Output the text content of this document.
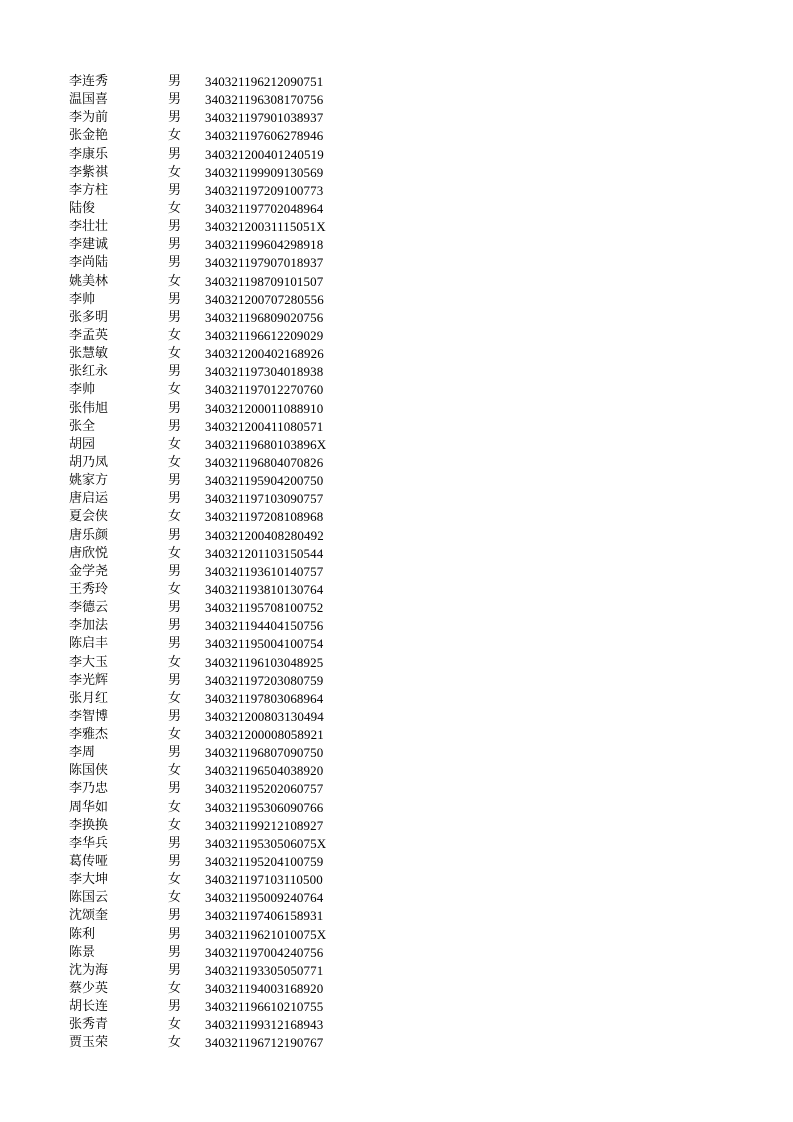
李连秀	男 340321196212090751
温国喜	男 340321196308170756
李为前	男 340321197901038937
张金艳	女 340321197606278946
李康乐	男 340321200401240519
李紫祺	女 340321199909130569
李方柱	男 340321197209100773
陆俊	女 340321197702048964
李壮壮	男 34032120031115051X
李建诚	男 340321199604298918
李尚陆	男 340321197907018937
姚美林	女 340321198709101507
李帅	男 340321200707280556
张多明	男 340321196809020756
李孟英	女 340321196612209029
张慧敏	女 340321200402168926
张红永	男 340321197304018938
李帅	女 340321197012270760
张伟旭	男 340321200011088910
张全	男 340321200411080571
胡园	女 34032119680103896X
胡乃凤	女 340321196804070826
姚家方	男 340321195904200750
唐启运	男 340321197103090757
夏会侠	女 340321197208108968
唐乐颜	男 340321200408280492
唐欣悦	女 340321201103150544
金学尧	男 340321193610140757
王秀玲	女 340321193810130764
李德云	男 340321195708100752
李加法	男 340321194404150756
陈启丰	男 340321195004100754
李大玉	女 340321196103048925
李光辉	男 340321197203080759
张月红	女 340321197803068964
李智博	男 340321200803130494
李雅杰	女 340321200008058921
李周	男 340321196807090750
陈国侠	女 340321196504038920
李乃忠	男 340321195202060757
周华如	女 340321195306090766
李换换	女 340321199212108927
李华兵	男 34032119530506075X
葛传哑	男 340321195204100759
李大坤	女 340321197103110500
陈国云	女 340321195009240764
沈颂奎	男 340321197406158931
陈利	男 34032119621010075X
陈景	男 340321197004240756
沈为海	男 340321193305050771
蔡少英	女 340321194003168920
胡长连	男 340321196610210755
张秀青	女 340321199312168943
贾玉荣	女 340321196712190767
